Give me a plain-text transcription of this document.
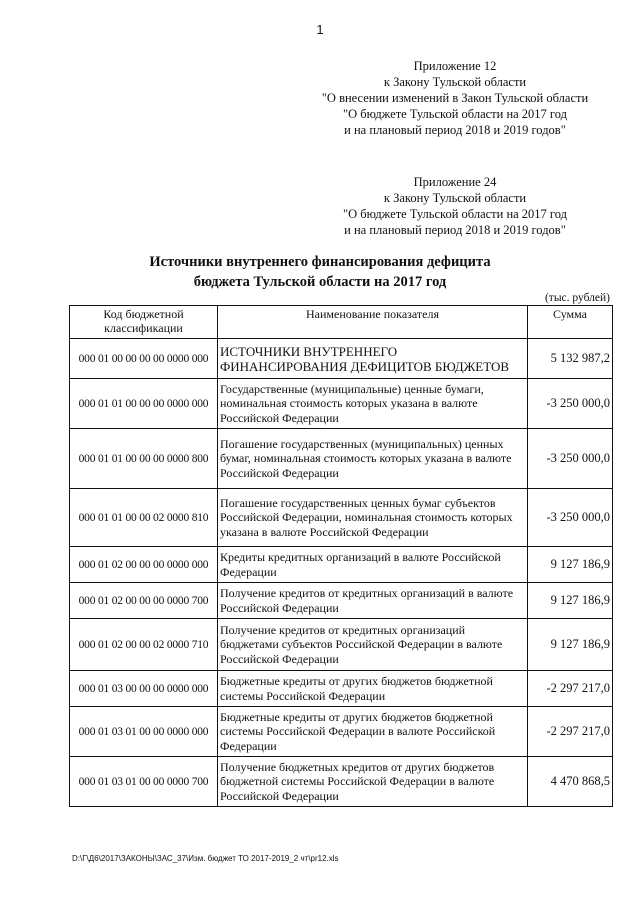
1
Приложение 12
к Закону Тульской области
"О внесении изменений в Закон Тульской области
"О бюджете Тульской области на 2017 год
и на плановый период 2018 и 2019 годов"
Приложение 24
к Закону Тульской области
"О бюджете Тульской области на 2017 год
и на плановый период 2018 и 2019 годов"
Источники внутреннего финансирования дефицита
бюджета Тульской области на 2017 год
(тыс. рублей)
Код бюджетной классификации	Наименование показателя	Сумма
000 01 00 00 00 00 0000 000	ИСТОЧНИКИ ВНУТРЕННЕГО ФИНАНСИРОВАНИЯ ДЕФИЦИТОВ БЮДЖЕТОВ	5 132 987,2
000 01 01 00 00 00 0000 000	Государственные (муниципальные) ценные бумаги, номинальная стоимость которых указана в валюте Российской Федерации	-3 250 000,0
000 01 01 00 00 00 0000 800	Погашение государственных (муниципальных) ценных бумаг, номинальная стоимость которых указана в валюте Российской Федерации	-3 250 000,0
000 01 01 00 00 02 0000 810	Погашение государственных ценных бумаг субъектов Российской Федерации, номинальная стоимость которых указана в валюте Российской Федерации	-3 250 000,0
000 01 02 00 00 00 0000 000	Кредиты кредитных организаций в валюте Российской Федерации	9 127 186,9
000 01 02 00 00 00 0000 700	Получение кредитов от кредитных организаций в валюте Российской Федерации	9 127 186,9
000 01 02 00 00 02 0000 710	Получение кредитов от кредитных организаций бюджетами субъектов Российской Федерации в валюте Российской Федерации	9 127 186,9
000 01 03 00 00 00 0000 000	Бюджетные кредиты от других бюджетов бюджетной системы Российской Федерации	-2 297 217,0
000 01 03 01 00 00 0000 000	Бюджетные кредиты от других бюджетов бюджетной системы Российской Федерации в валюте Российской Федерации	-2 297 217,0
000 01 03 01 00 00 0000 700	Получение бюджетных кредитов от других бюджетов бюджетной системы Российской Федерации в валюте Российской Федерации	4 470 868,5
D:\Г\Д6\2017\ЗАКОНЫ\ЗАС_37\Изм. бюджет ТО 2017-2019_2 чт\pr12.xls
